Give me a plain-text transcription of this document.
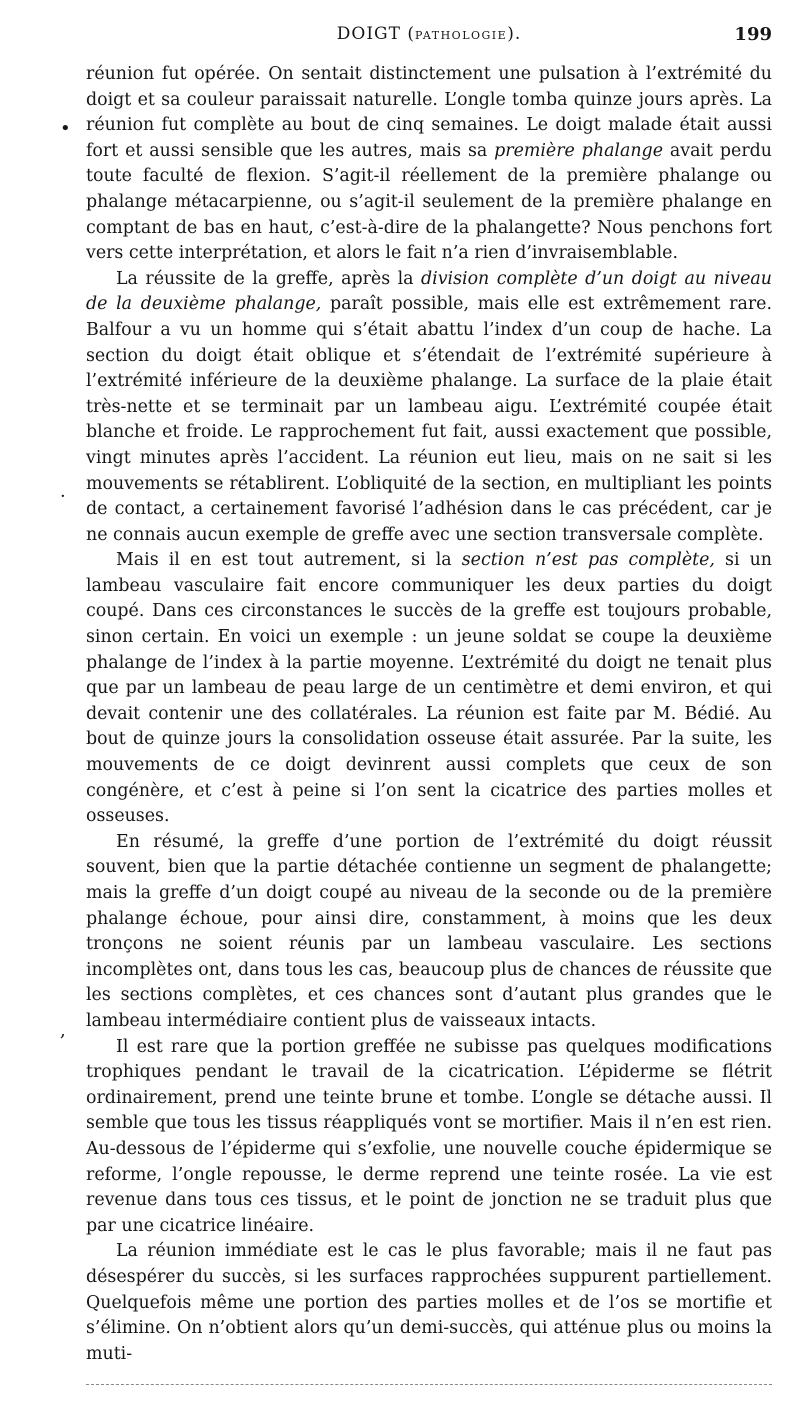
DOIGT (PATHOLOGIE).	199
•
·
,

réunion fut opérée. On sentait distinctement une pulsation à l’extrémité du doigt et sa couleur paraissait naturelle. L’ongle tomba quinze jours après. La réunion fut complète au bout de cinq semaines. Le doigt malade était aussi fort et aussi sensible que les autres, mais sa première phalange avait perdu toute faculté de flexion. S’agit-il réellement de la première phalange ou phalange métacarpienne, ou s’agit-il seulement de la première phalange en comptant de bas en haut, c’est-à-dire de la phalangette? Nous penchons fort vers cette interprétation, et alors le fait n’a rien d’invraisemblable.

La réussite de la greffe, après la division complète d’un doigt au niveau de la deuxième phalange, paraît possible, mais elle est extrêmement rare. Balfour a vu un homme qui s’était abattu l’index d’un coup de hache. La section du doigt était oblique et s’étendait de l’extrémité supérieure à l’extrémité inférieure de la deuxième phalange. La surface de la plaie était très-nette et se terminait par un lambeau aigu. L’extrémité coupée était blanche et froide. Le rapprochement fut fait, aussi exactement que possible, vingt minutes après l’accident. La réunion eut lieu, mais on ne sait si les mouvements se rétablirent. L’obliquité de la section, en multipliant les points de contact, a certainement favorisé l’adhésion dans le cas précédent, car je ne connais aucun exemple de greffe avec une section transversale complète.

Mais il en est tout autrement, si la section n’est pas complète, si un lambeau vasculaire fait encore communiquer les deux parties du doigt coupé. Dans ces circonstances le succès de la greffe est toujours probable, sinon certain. En voici un exemple : un jeune soldat se coupe la deuxième phalange de l’index à la partie moyenne. L’extrémité du doigt ne tenait plus que par un lambeau de peau large de un centimètre et demi environ, et qui devait contenir une des collatérales. La réunion est faite par M. Bédié. Au bout de quinze jours la consolidation osseuse était assurée. Par la suite, les mouvements de ce doigt devinrent aussi complets que ceux de son congénère, et c’est à peine si l’on sent la cicatrice des parties molles et osseuses.

En résumé, la greffe d’une portion de l’extrémité du doigt réussit souvent, bien que la partie détachée contienne un segment de phalangette; mais la greffe d’un doigt coupé au niveau de la seconde ou de la première phalange échoue, pour ainsi dire, constamment, à moins que les deux tronçons ne soient réunis par un lambeau vasculaire. Les sections incomplètes ont, dans tous les cas, beaucoup plus de chances de réussite que les sections complètes, et ces chances sont d’autant plus grandes que le lambeau intermédiaire contient plus de vaisseaux intacts.

Il est rare que la portion greffée ne subisse pas quelques modifications trophiques pendant le travail de la cicatrication. L’épiderme se flétrit ordinairement, prend une teinte brune et tombe. L’ongle se détache aussi. Il semble que tous les tissus réappliqués vont se mortifier. Mais il n’en est rien. Au-dessous de l’épiderme qui s’exfolie, une nouvelle couche épidermique se reforme, l’ongle repousse, le derme reprend une teinte rosée. La vie est revenue dans tous ces tissus, et le point de jonction ne se traduit plus que par une cicatrice linéaire.

La réunion immédiate est le cas le plus favorable; mais il ne faut pas désespérer du succès, si les surfaces rapprochées suppurent partiellement. Quelquefois même une portion des parties molles et de l’os se mortifie et s’élimine. On n’obtient alors qu’un demi-succès, qui atténue plus ou moins la muti-
